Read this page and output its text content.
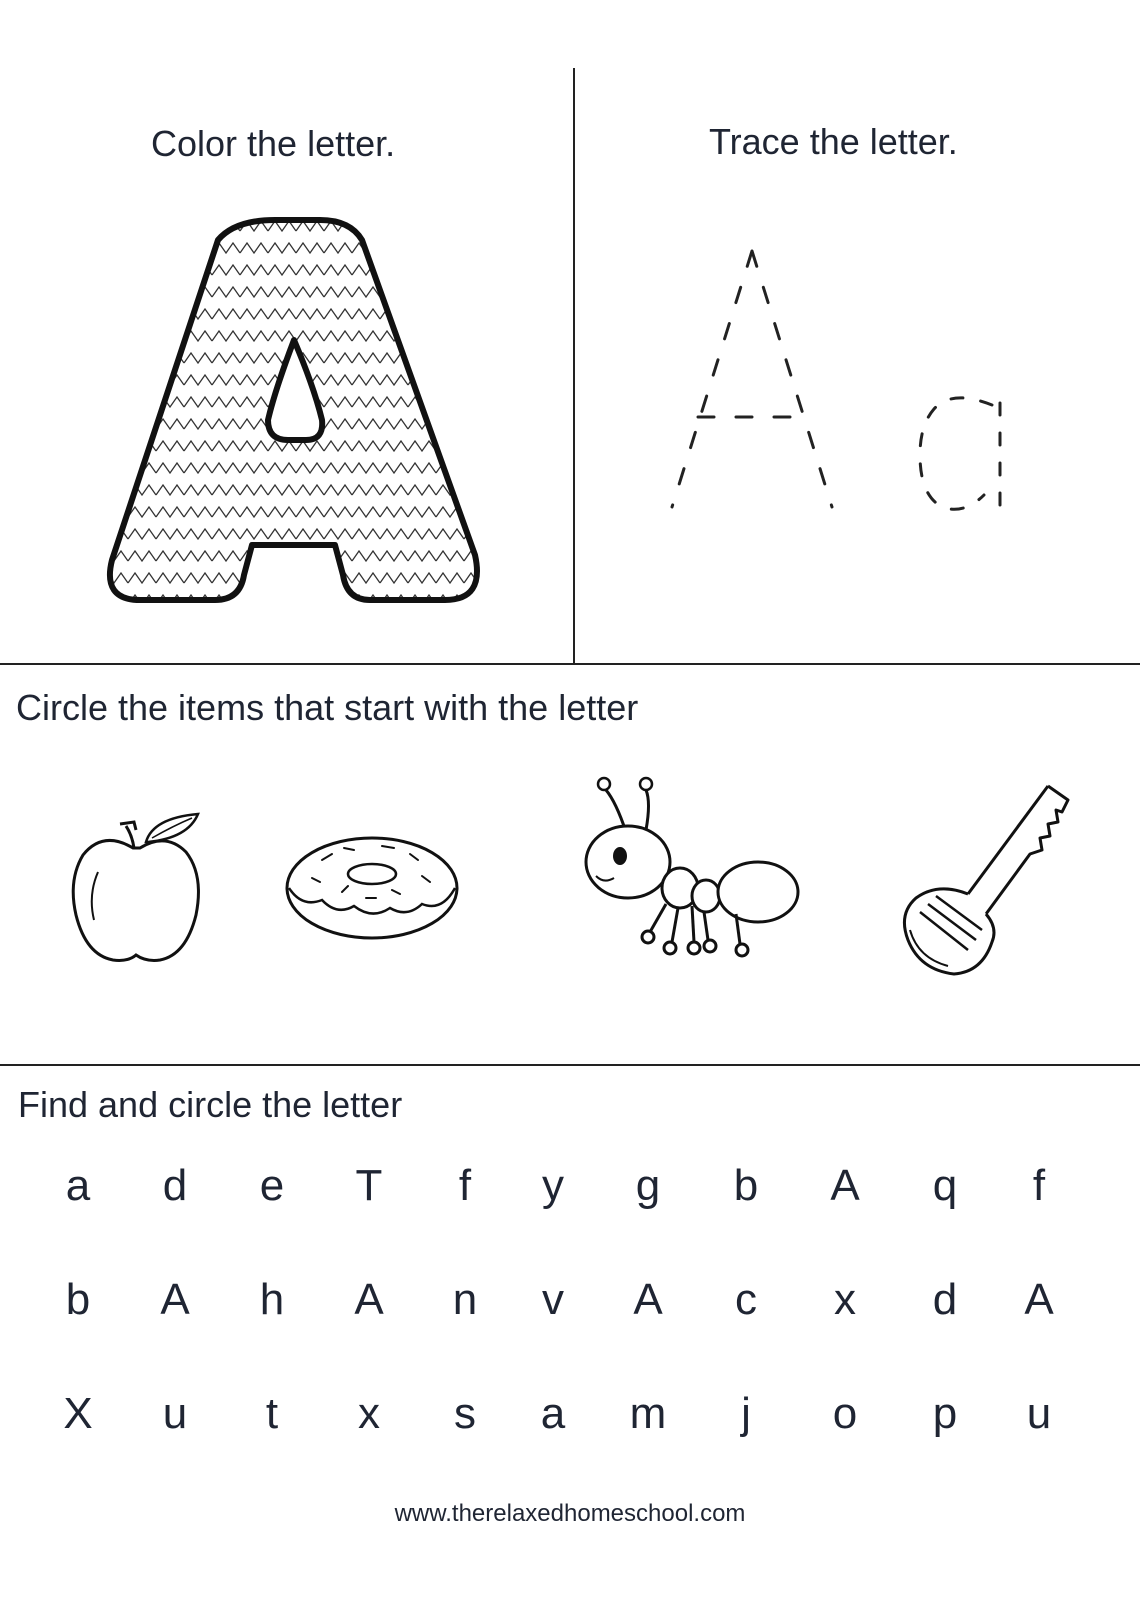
Color the letter.	Trace the letter.
Circle the items that start with the letter
Find and circle the letter
a	d	e	T	f	y	g	b	A	q	f
b	A	h	A	n	v	A	c	x	d	A
X	u	t	x	s	a	m	j	o	p	u
www.therelaxedhomeschool.com
